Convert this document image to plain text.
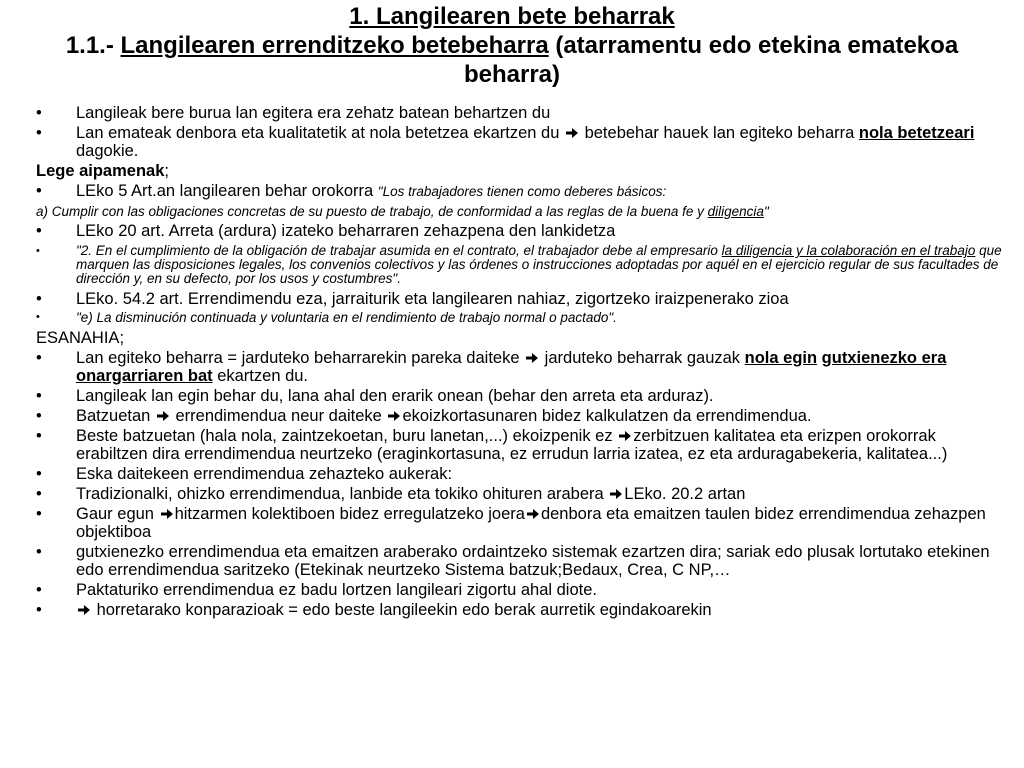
1. Langilearen bete beharrak
1.1.- Langilearen errenditzeko betebeharra (atarramentu edo etekina ematekoa beharra)
• Langileak bere burua lan egitera era zehatz batean behartzen du
• Lan emateak denbora eta kualitatetik at nola betetzea ekartzen du  betebehar hauek lan egiteko beharra nola betetzeari dagokie.
Lege aipamenak;
• LEko 5 Art.an langilearen behar orokorra "Los trabajadores tienen como deberes básicos:
a) Cumplir con las obligaciones concretas de su puesto de trabajo, de conformidad a las reglas de la buena fe y diligencia"
• LEko 20 art. Arreta (ardura) izateko beharraren zehazpena den lankidetza
•	"2. En el cumplimiento de la obligación de trabajar asumida en el contrato, el trabajador debe al empresario la diligencia y la colaboración en el trabajo que marquen las disposiciones legales, los convenios colectivos y las órdenes o instrucciones adoptadas por aquél en el ejercicio regular de sus facultades de dirección y, en su defecto, por los usos y costumbres".
• LEko. 54.2 art. Errendimendu eza, jarraiturik eta langilearen nahiaz, zigortzeko iraizpenerako zioa
•	"e) La disminución continuada y voluntaria en el rendimiento de trabajo normal o pactado".
ESANAHIA;
• Lan egiteko beharra = jarduteko beharrarekin pareka daiteke  jarduteko beharrak gauzak nola egin gutxienezko era onargarriaren bat ekartzen du.
• Langileak lan egin behar du, lana ahal den erarik onean (behar den arreta eta arduraz).
• Batzuetan  errendimendua neur daiteke ekoizkortasunaren bidez kalkulatzen da errendimendua.
• Beste batzuetan (hala nola, zaintzekoetan, buru lanetan,...) ekoizpenik ez zerbitzuen kalitatea eta erizpen orokorrak erabiltzen dira errendimendua neurtzeko (eraginkortasuna, ez errudun larria izatea, ez eta arduragabekeria, kalitatea...)
• Eska daitekeen errendimendua zehazteko aukerak:
• Tradizionalki, ohizko errendimendua, lanbide eta tokiko ohituren arabera LEko. 20.2 artan
• Gaur egun hitzarmen kolektiboen bidez erregulatzeko joera denbora eta emaitzen taulen bidez errendimendua zehazpen objektiboa
• gutxienezko errendimendua eta emaitzen araberako ordaintzeko sistemak ezartzen dira; sariak edo plusak lortutako etekinen edo errendimendua saritzeko (Etekinak neurtzeko Sistema batzuk;Bedaux, Crea, C NP,…
• Paktaturiko errendimendua ez badu lortzen langileari zigortu ahal diote.
•	horretarako konparazioak = edo beste langileekin edo berak aurretik egindakoarekin
